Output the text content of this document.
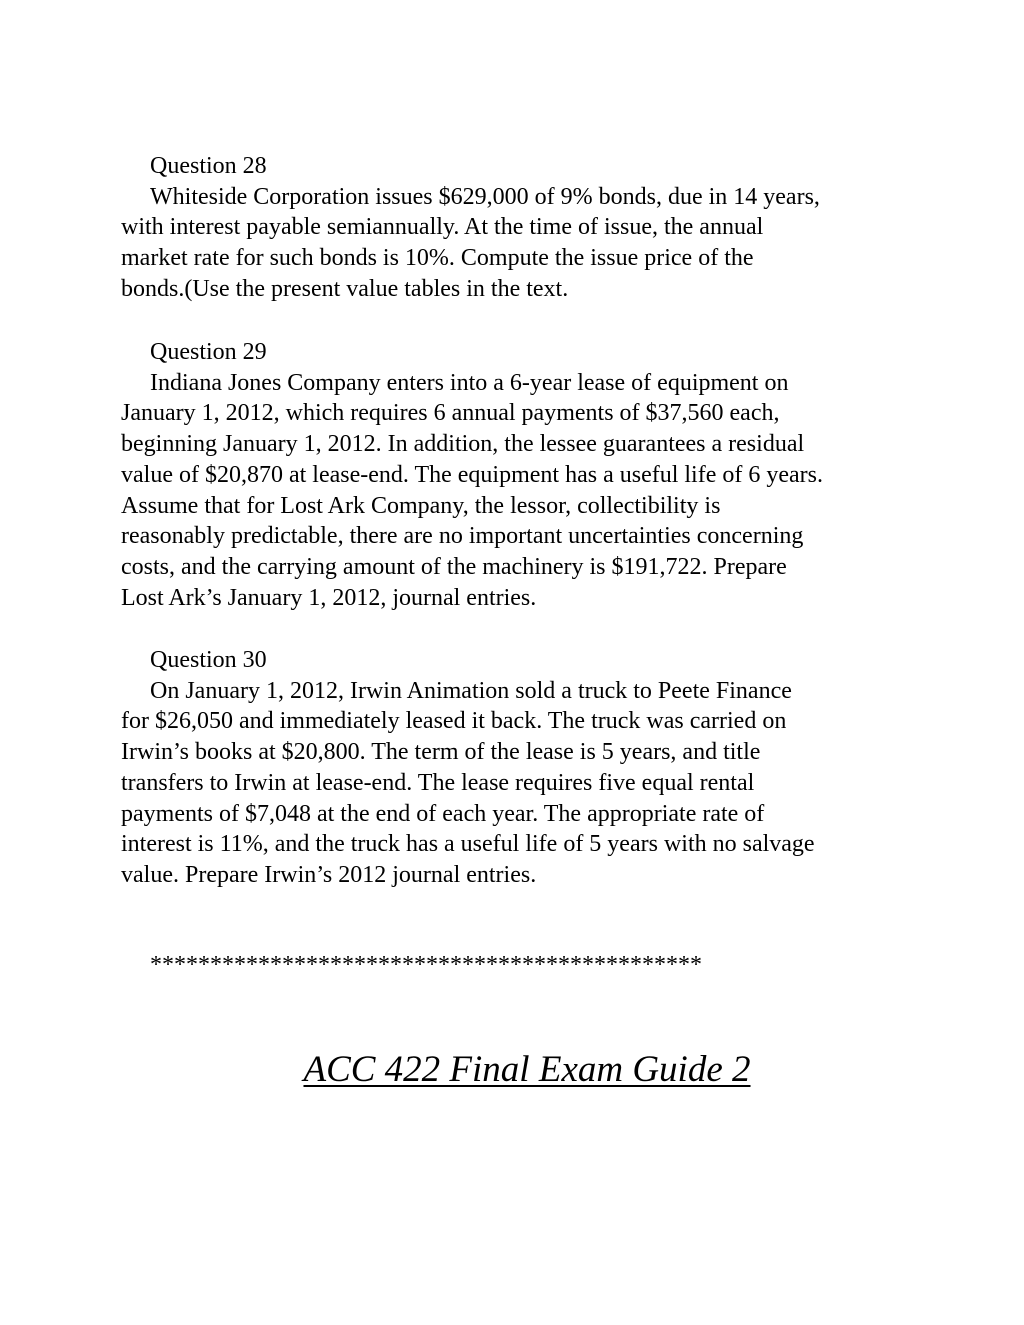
Question 28
Whiteside Corporation issues $629,000 of 9% bonds, due in 14 years,
with interest payable semiannually. At the time of issue, the annual
market rate for such bonds is 10%. Compute the issue price of the
bonds.(Use the present value tables in the text.
Question 29
Indiana Jones Company enters into a 6-year lease of equipment on
January 1, 2012, which requires 6 annual payments of $37,560 each,
beginning January 1, 2012. In addition, the lessee guarantees a residual
value of $20,870 at lease-end. The equipment has a useful life of 6 years.
Assume that for Lost Ark Company, the lessor, collectibility is
reasonably predictable, there are no important uncertainties concerning
costs, and the carrying amount of the machinery is $191,722. Prepare
Lost Ark’s January 1, 2012, journal entries.
Question 30
On January 1, 2012, Irwin Animation sold a truck to Peete Finance
for $26,050 and immediately leased it back. The truck was carried on
Irwin’s books at $20,800. The term of the lease is 5 years, and title
transfers to Irwin at lease-end. The lease requires five equal rental
payments of $7,048 at the end of each year. The appropriate rate of
interest is 11%, and the truck has a useful life of 5 years with no salvage
value. Prepare Irwin’s 2012 journal entries.
**********************************************
ACC 422 Final Exam Guide 2
